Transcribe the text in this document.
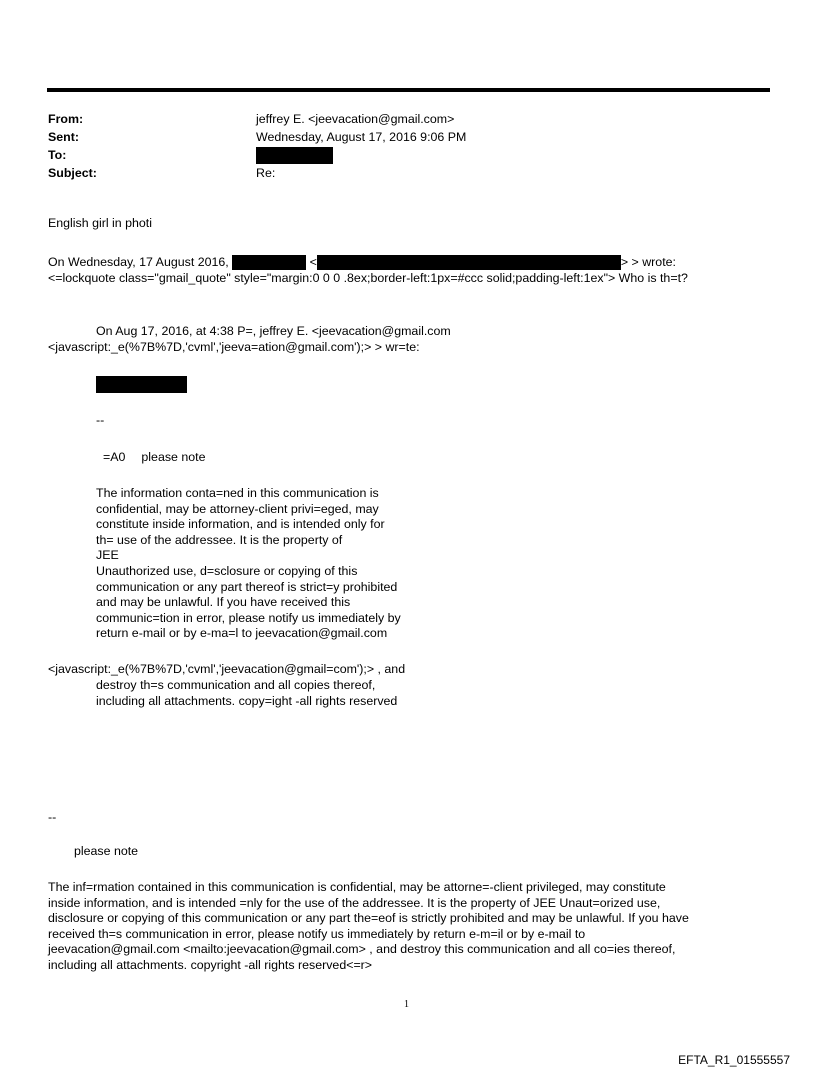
From:	jeffrey E. <jeevacation@gmail.com>
Sent:	Wednesday, August 17, 2016 9:06 PM
To:
Subject:	Re:
English girl in photi
On Wednesday, 17 August 2016,	<	> > wrote:
<=lockquote class="gmail_quote" style="margin:0 0 0 .8ex;border-left:1px=#ccc solid;padding-left:1ex"> Who is th=t?
On Aug 17, 2016, at 4:38 P=, jeffrey E. <jeevacation@gmail.com
<javascript:_e(%7B%7D,'cvml','jeeva=ation@gmail.com');> > wr=te:
--
=A0 please note
The information conta=ned in this communication is
confidential, may be attorney-client privi=eged, may
constitute inside information, and is intended only for
th= use of the addressee. It is the property of
JEE
Unauthorized use, d=sclosure or copying of this
communication or any part thereof is strict=y prohibited
and may be unlawful. If you have received this
communic=tion in error, please notify us immediately by
return e-mail or by e-ma=l to jeevacation@gmail.com
<javascript:_e(%7B%7D,'cvml','jeevacation@gmail=com');> , and
destroy th=s communication and all copies thereof,
including all attachments. copy=ight -all rights reserved
--
please note
The inf=rmation contained in this communication is confidential, may be attorne=-client privileged, may constitute
inside information, and is intended =nly for the use of the addressee. It is the property of JEE Unaut=orized use,
disclosure or copying of this communication or any part the=eof is strictly prohibited and may be unlawful. If you have
received th=s communication in error, please notify us immediately by return e-m=il or by e-mail to
jeevacation@gmail.com <mailto:jeevacation@gmail.com> , and destroy this communication and all co=ies thereof,
including all attachments. copyright -all rights reserved<=r>
1
EFTA_R1_01555557
